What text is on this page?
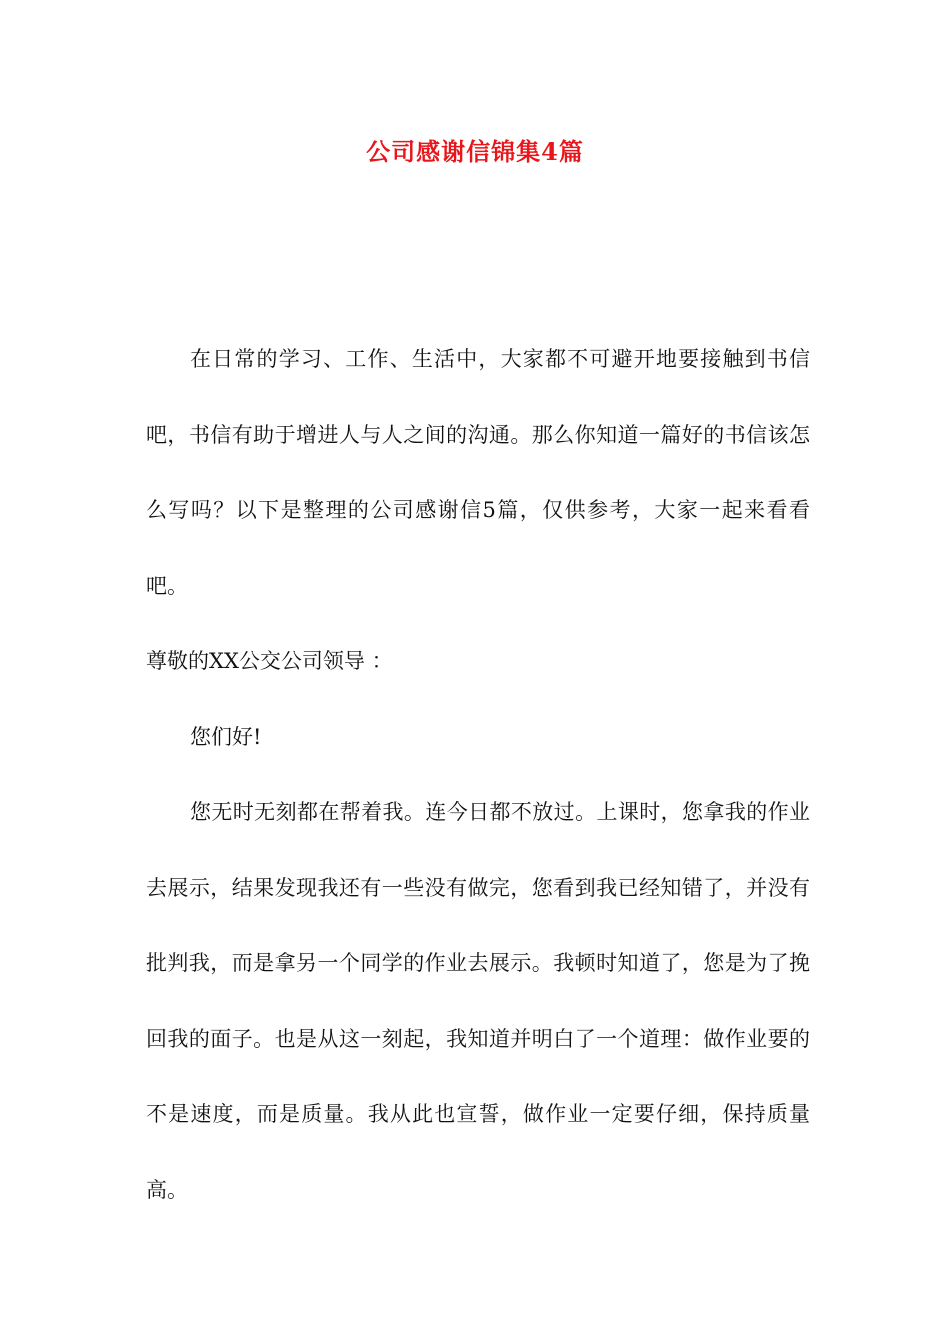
公司感谢信锦集4篇

在日常的学习、工作、生活中，大家都不可避开地要接触到书信吧，书信有助于增进人与人之间的沟通。那么你知道一篇好的书信该怎么写吗？以下是整理的公司感谢信5篇，仅供参考，大家一起来看看吧。

尊敬的XX公交公司领导 ：

您们好!

您无时无刻都在帮着我。连今日都不放过。上课时，您拿我的作业去展示，结果发现我还有一些没有做完，您看到我已经知错了，并没有批判我，而是拿另一个同学的作业去展示。我顿时知道了，您是为了挽回我的面子。也是从这一刻起，我知道并明白了一个道理：做作业要的不是速度，而是质量。我从此也宣誓，做作业一定要仔细，保持质量高。
